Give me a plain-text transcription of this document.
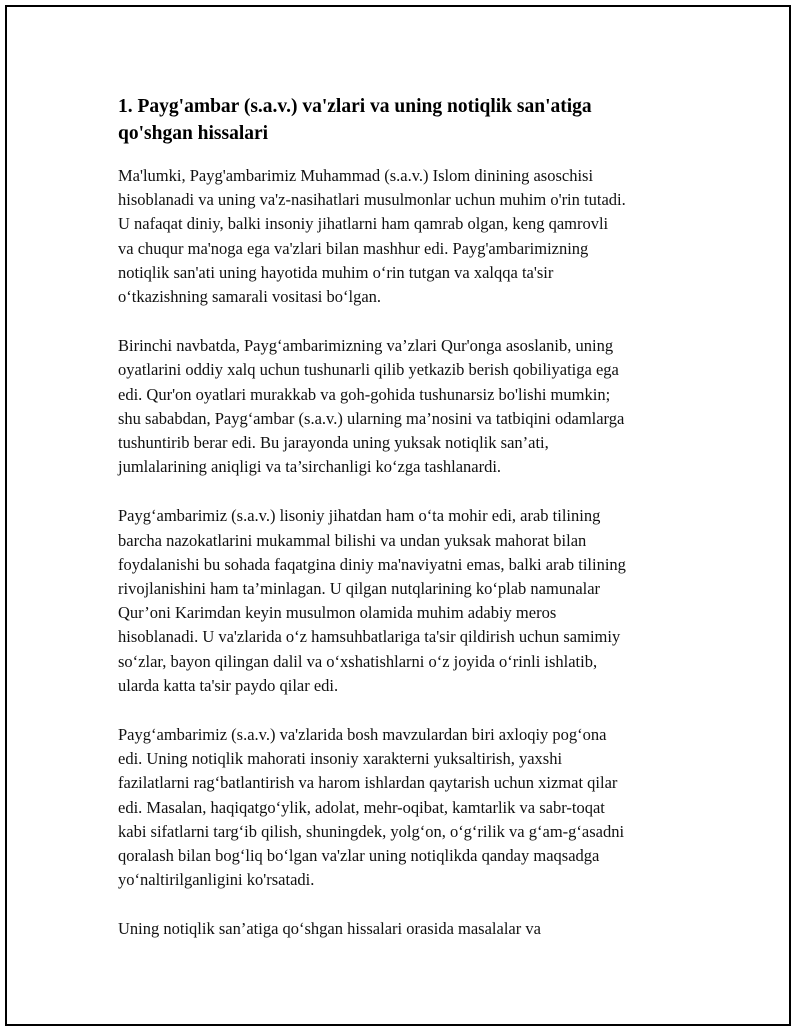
1. Payg'ambar (s.a.v.) va'zlari va uning notiqlik san'atiga
qo'shgan hissalari

Ma'lumki, Payg'ambarimiz Muhammad (s.a.v.) Islom dinining asoschisi
hisoblanadi va uning va'z-nasihatlari musulmonlar uchun muhim o'rin tutadi.
U nafaqat diniy, balki insoniy jihatlarni ham qamrab olgan, keng qamrovli
va chuqur ma'noga ega va'zlari bilan mashhur edi. Payg'ambarimizning
notiqlik san'ati uning hayotida muhim o‘rin tutgan va xalqqa ta'sir
o‘tkazishning samarali vositasi bo‘lgan.

Birinchi navbatda, Payg‘ambarimizning va’zlari Qur'onga asoslanib, uning
oyatlarini oddiy xalq uchun tushunarli qilib yetkazib berish qobiliyatiga ega
edi. Qur'on oyatlari murakkab va goh-gohida tushunarsiz bo'lishi mumkin;
shu sababdan, Payg‘ambar (s.a.v.) ularning ma’nosini va tatbiqini odamlarga
tushuntirib berar edi. Bu jarayonda uning yuksak notiqlik san’ati,
jumlalarining aniqligi va ta’sirchanligi ko‘zga tashlanardi.

Payg‘ambarimiz (s.a.v.) lisoniy jihatdan ham o‘ta mohir edi, arab tilining
barcha nazokatlarini mukammal bilishi va undan yuksak mahorat bilan
foydalanishi bu sohada faqatgina diniy ma'naviyatni emas, balki arab tilining
rivojlanishini ham ta’minlagan. U qilgan nutqlarining ko‘plab namunalar
Qur’oni Karimdan keyin musulmon olamida muhim adabiy meros
hisoblanadi. U va'zlarida o‘z hamsuhbatlariga ta'sir qildirish uchun samimiy
so‘zlar, bayon qilingan dalil va o‘xshatishlarni o‘z joyida o‘rinli ishlatib,
ularda katta ta'sir paydo qilar edi.

Payg‘ambarimiz (s.a.v.) va'zlarida bosh mavzulardan biri axloqiy pog‘ona
edi. Uning notiqlik mahorati insoniy xarakterni yuksaltirish, yaxshi
fazilatlarni rag‘batlantirish va harom ishlardan qaytarish uchun xizmat qilar
edi. Masalan, haqiqatgo‘ylik, adolat, mehr-oqibat, kamtarlik va sabr-toqat
kabi sifatlarni targ‘ib qilish, shuningdek, yolg‘on, o‘g‘rilik va g‘am-g‘asadni
qoralash bilan bog‘liq bo‘lgan va'zlar uning notiqlikda qanday maqsadga
yo‘naltirilganligini ko'rsatadi.

Uning notiqlik san’atiga qo‘shgan hissalari orasida masalalar va
